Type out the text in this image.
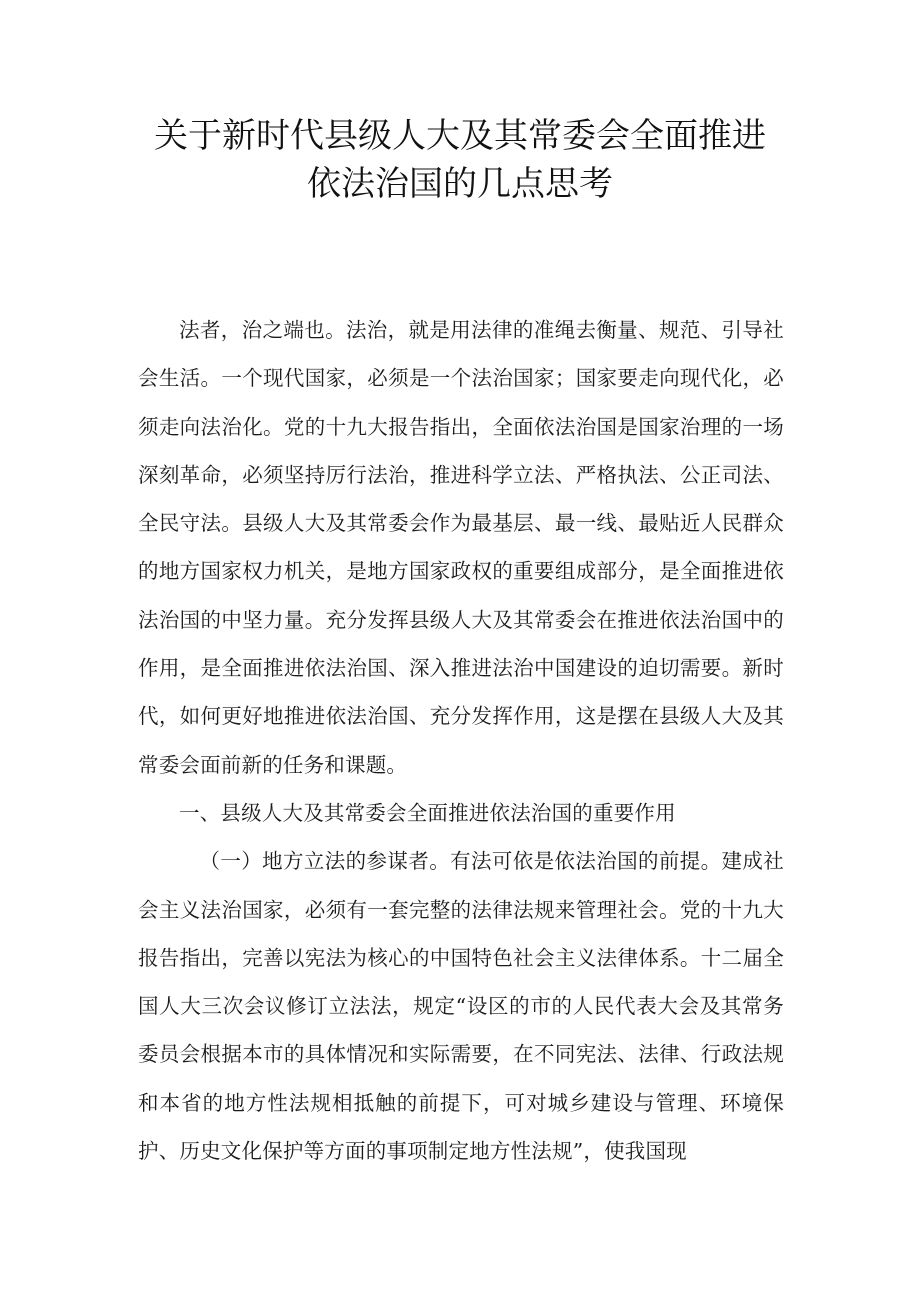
关于新时代县级人大及其常委会全面推进
依法治国的几点思考

法者，治之端也。法治，就是用法律的准绳去衡量、规范、引导社会生活。一个现代国家，必须是一个法治国家；国家要走向现代化，必须走向法治化。党的十九大报告指出，全面依法治国是国家治理的一场深刻革命，必须坚持厉行法治，推进科学立法、严格执法、公正司法、全民守法。县级人大及其常委会作为最基层、最一线、最贴近人民群众的地方国家权力机关，是地方国家政权的重要组成部分，是全面推进依法治国的中坚力量。充分发挥县级人大及其常委会在推进依法治国中的作用，是全面推进依法治国、深入推进法治中国建设的迫切需要。新时代，如何更好地推进依法治国、充分发挥作用，这是摆在县级人大及其常委会面前新的任务和课题。

一、县级人大及其常委会全面推进依法治国的重要作用

（一）地方立法的参谋者。有法可依是依法治国的前提。建成社会主义法治国家，必须有一套完整的法律法规来管理社会。党的十九大报告指出，完善以宪法为核心的中国特色社会主义法律体系。十二届全国人大三次会议修订立法法，规定“设区的市的人民代表大会及其常务委员会根据本市的具体情况和实际需要，在不同宪法、法律、行政法规和本省的地方性法规相抵触的前提下，可对城乡建设与管理、环境保护、历史文化保护等方面的事项制定地方性法规”，使我国现
